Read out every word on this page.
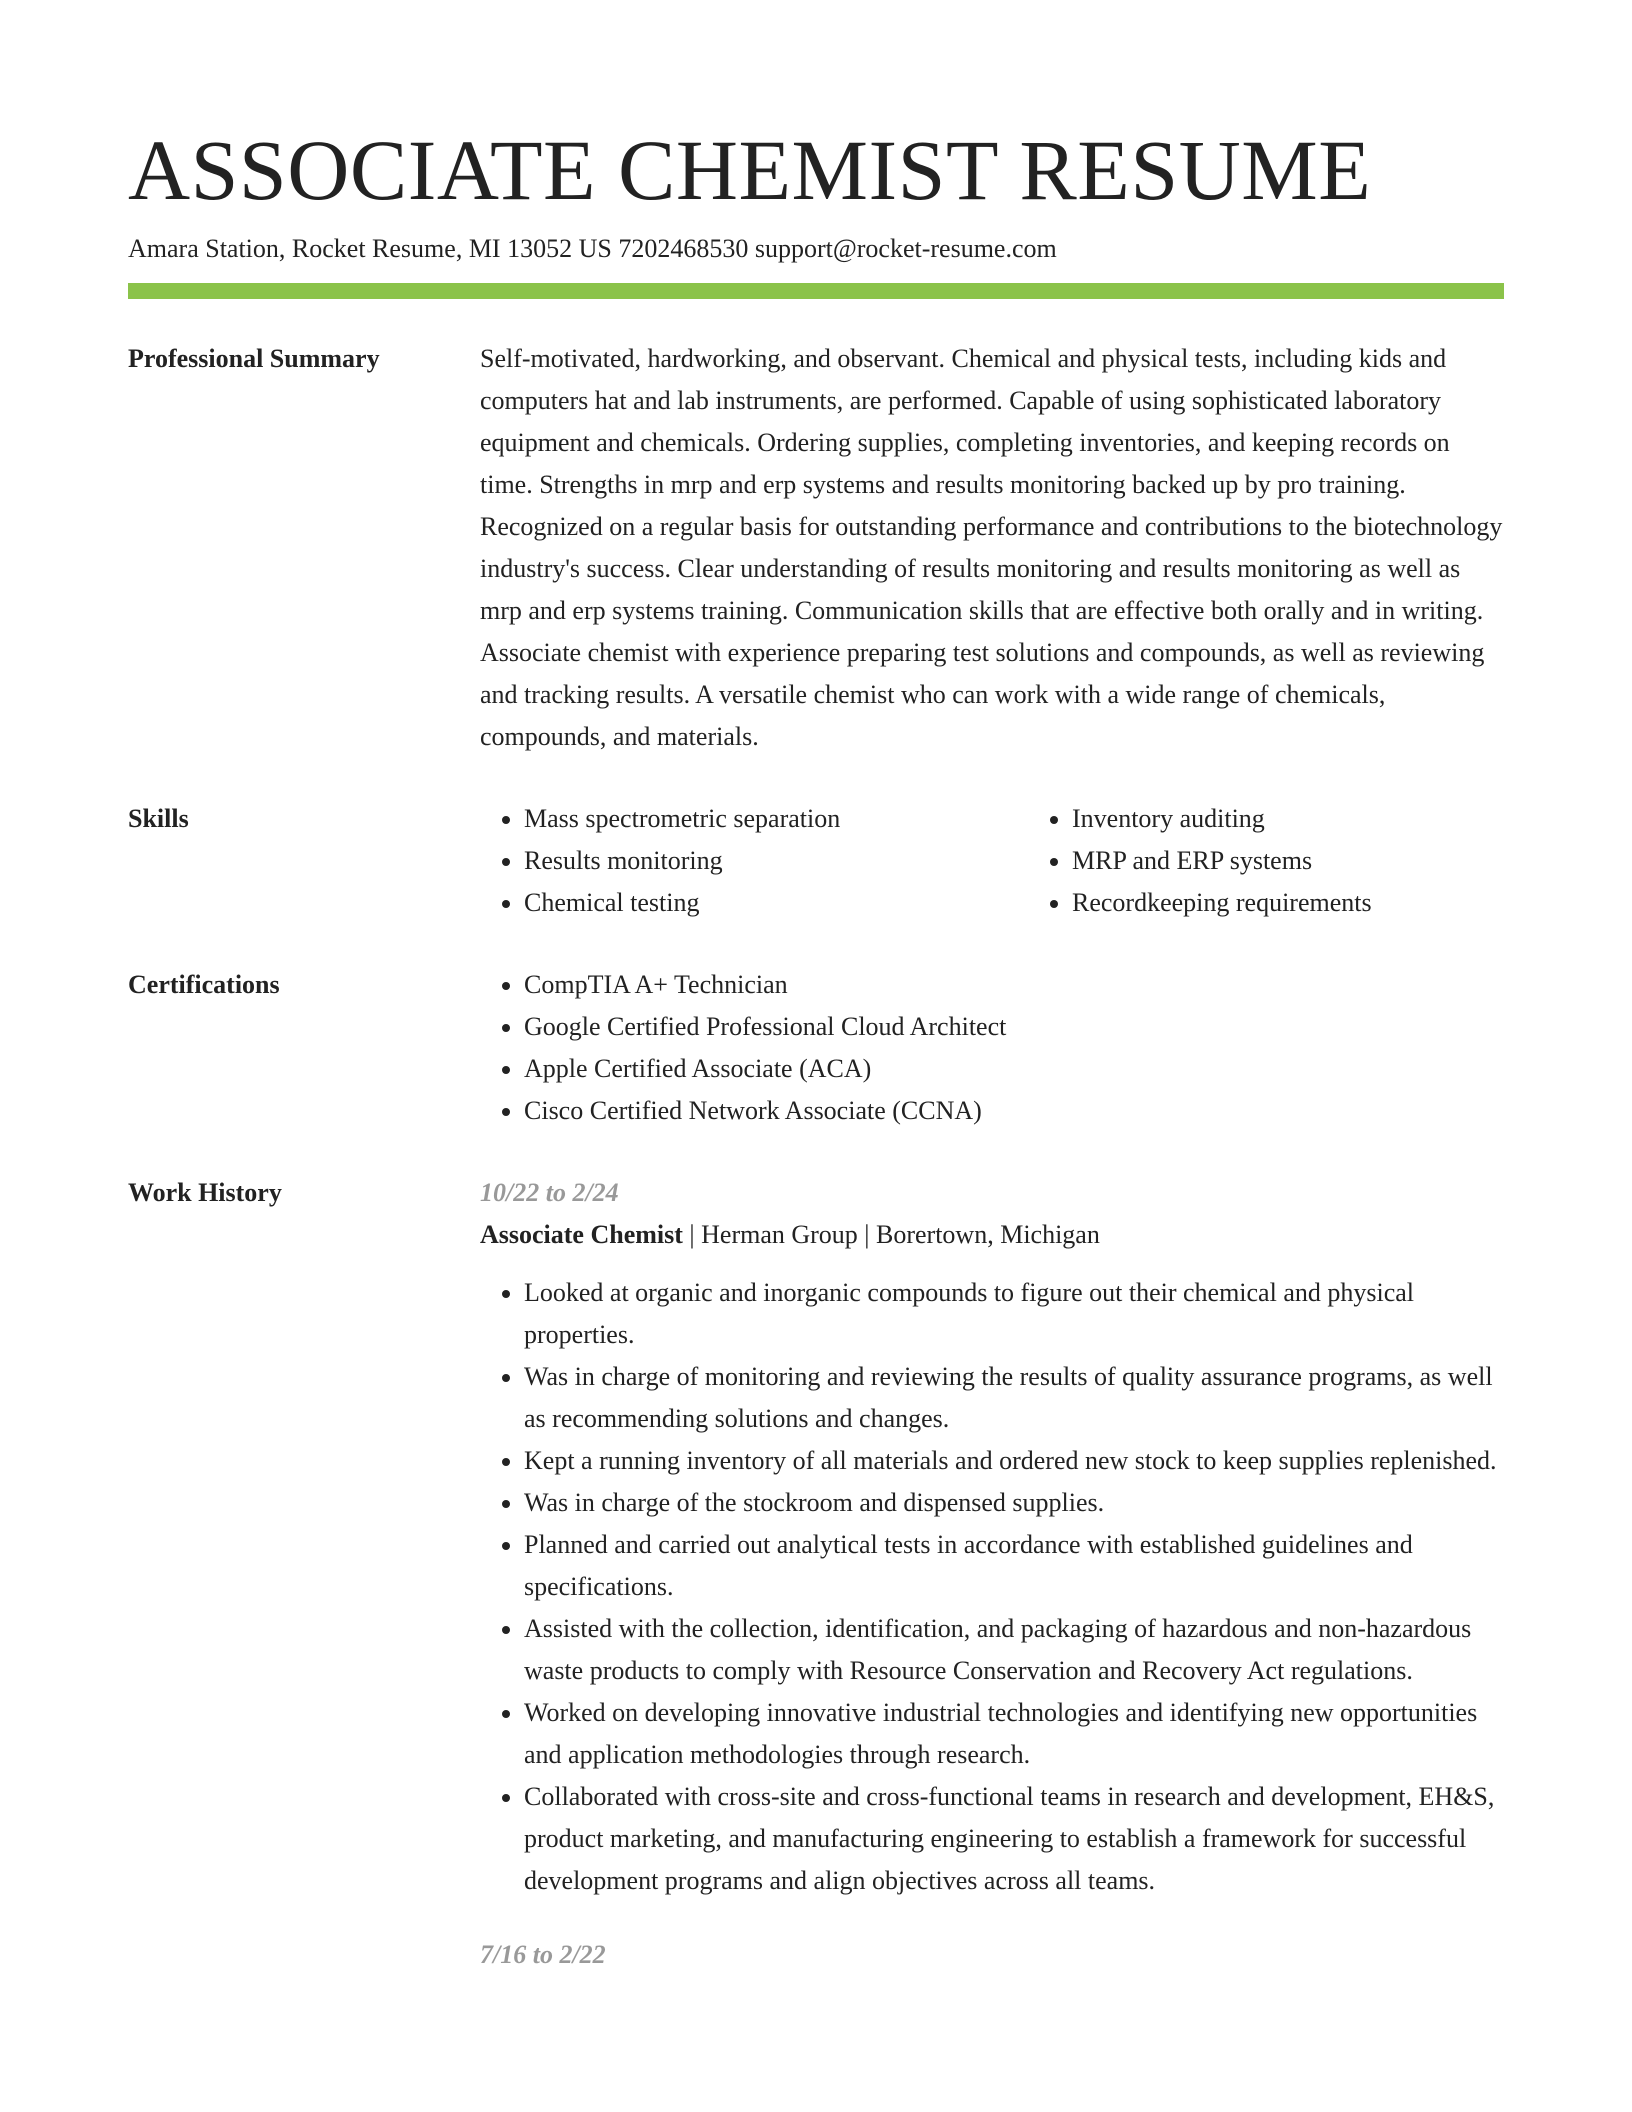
ASSOCIATE CHEMIST RESUME
Amara Station, Rocket Resume, MI 13052 US 7202468530 support@rocket-resume.com
Professional Summary	Self-motivated, hardworking, and observant. Chemical and physical tests, including kids and computers hat and lab instruments, are performed. Capable of using sophisticated laboratory equipment and chemicals. Ordering supplies, completing inventories, and keeping records on time. Strengths in mrp and erp systems and results monitoring backed up by pro training. Recognized on a regular basis for outstanding performance and contributions to the biotechnology industry's success. Clear understanding of results monitoring and results monitoring as well as mrp and erp systems training. Communication skills that are effective both orally and in writing. Associate chemist with experience preparing test solutions and compounds, as well as reviewing and tracking results. A versatile chemist who can work with a wide range of chemicals, compounds, and materials.

Skills	• Mass spectrometric separation
• Results monitoring
• Chemical testing
• Inventory auditing
• MRP and ERP systems
• Recordkeeping requirements
Certifications	• CompTIA A+ Technician
• Google Certified Professional Cloud Architect
• Apple Certified Associate (ACA)
• Cisco Certified Network Associate (CCNA)
Work History	10/22 to 2/24
Associate Chemist | Herman Group | Borertown, Michigan
• Looked at organic and inorganic compounds to figure out their chemical and physical properties.
• Was in charge of monitoring and reviewing the results of quality assurance programs, as well as recommending solutions and changes.
• Kept a running inventory of all materials and ordered new stock to keep supplies replenished.
• Was in charge of the stockroom and dispensed supplies.
• Planned and carried out analytical tests in accordance with established guidelines and specifications.
• Assisted with the collection, identification, and packaging of hazardous and non-hazardous waste products to comply with Resource Conservation and Recovery Act regulations.
• Worked on developing innovative industrial technologies and identifying new opportunities and application methodologies through research.
• Collaborated with cross-site and cross-functional teams in research and development, EH&S, product marketing, and manufacturing engineering to establish a framework for successful development programs and align objectives across all teams.
7/16 to 2/22
